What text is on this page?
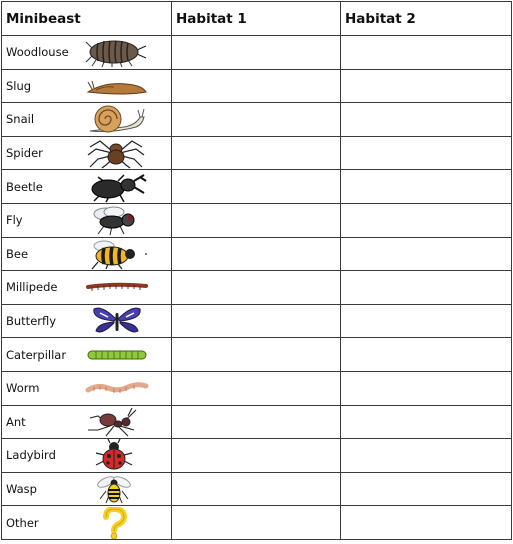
Minibeast	Habitat 1	Habitat 2

Woodlouse		

Slug		

Snail		

Spider		

Beetle		

Fly		

Bee		

Millipede		

Butterfly		

Caterpillar		

Worm		

Ant		

Ladybird		

Wasp		

Other		
